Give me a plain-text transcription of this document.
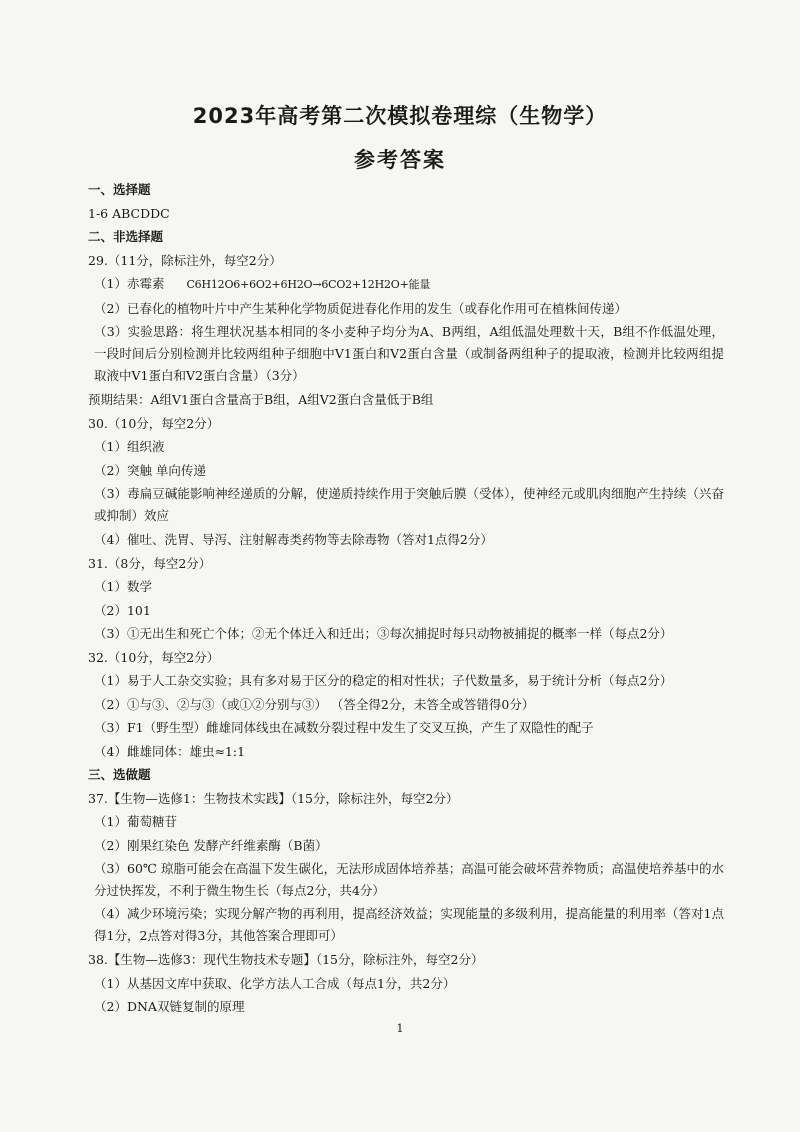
2023年高考第二次模拟卷理综（生物学）
参考答案

一、选择题

1-6 ABCDDC

二、非选择题

29.（11分，除标注外，每空2分）

（1）赤霉素 C6H12O6+6O2+6H2O→6CO2+12H2O+能量

（2）已春化的植物叶片中产生某种化学物质促进春化作用的发生（或春化作用可在植株间传递）

（3）实验思路：将生理状况基本相同的冬小麦种子均分为A、B两组，A组低温处理数十天，B组不作低温处理，一段时间后分别检测并比较两组种子细胞中V1蛋白和V2蛋白含量（或制备两组种子的提取液，检测并比较两组提取液中V1蛋白和V2蛋白含量）（3分）

预期结果：A组V1蛋白含量高于B组，A组V2蛋白含量低于B组

30.（10分，每空2分）

（1）组织液

（2）突触 单向传递

（3）毒扁豆碱能影响神经递质的分解，使递质持续作用于突触后膜（受体），使神经元或肌肉细胞产生持续（兴奋或抑制）效应

（4）催吐、洗胃、导泻、注射解毒类药物等去除毒物（答对1点得2分）

31.（8分，每空2分）

（1）数学

（2）101

（3）①无出生和死亡个体；②无个体迁入和迁出；③每次捕捉时每只动物被捕捉的概率一样（每点2分）

32.（10分，每空2分）

（1）易于人工杂交实验；具有多对易于区分的稳定的相对性状；子代数量多，易于统计分析（每点2分）

（2）①与③、②与③（或①②分别与③） （答全得2分，未答全或答错得0分）

（3）F1（野生型）雌雄同体线虫在减数分裂过程中发生了交叉互换，产生了双隐性的配子

（4）雌雄同体：雄虫≈1:1

三、选做题

37.【生物—选修1：生物技术实践】（15分，除标注外，每空2分）

（1）葡萄糖苷

（2）刚果红染色 发酵产纤维素酶（B菌）

（3）60℃ 琼脂可能会在高温下发生碳化，无法形成固体培养基；高温可能会破坏营养物质；高温使培养基中的水分过快挥发，不利于微生物生长（每点2分，共4分）

（4）减少环境污染；实现分解产物的再利用，提高经济效益；实现能量的多级利用，提高能量的利用率（答对1点得1分，2点答对得3分，其他答案合理即可）

38.【生物—选修3：现代生物技术专题】（15分，除标注外，每空2分）

（1）从基因文库中获取、化学方法人工合成（每点1分，共2分）

（2）DNA双链复制的原理

1
